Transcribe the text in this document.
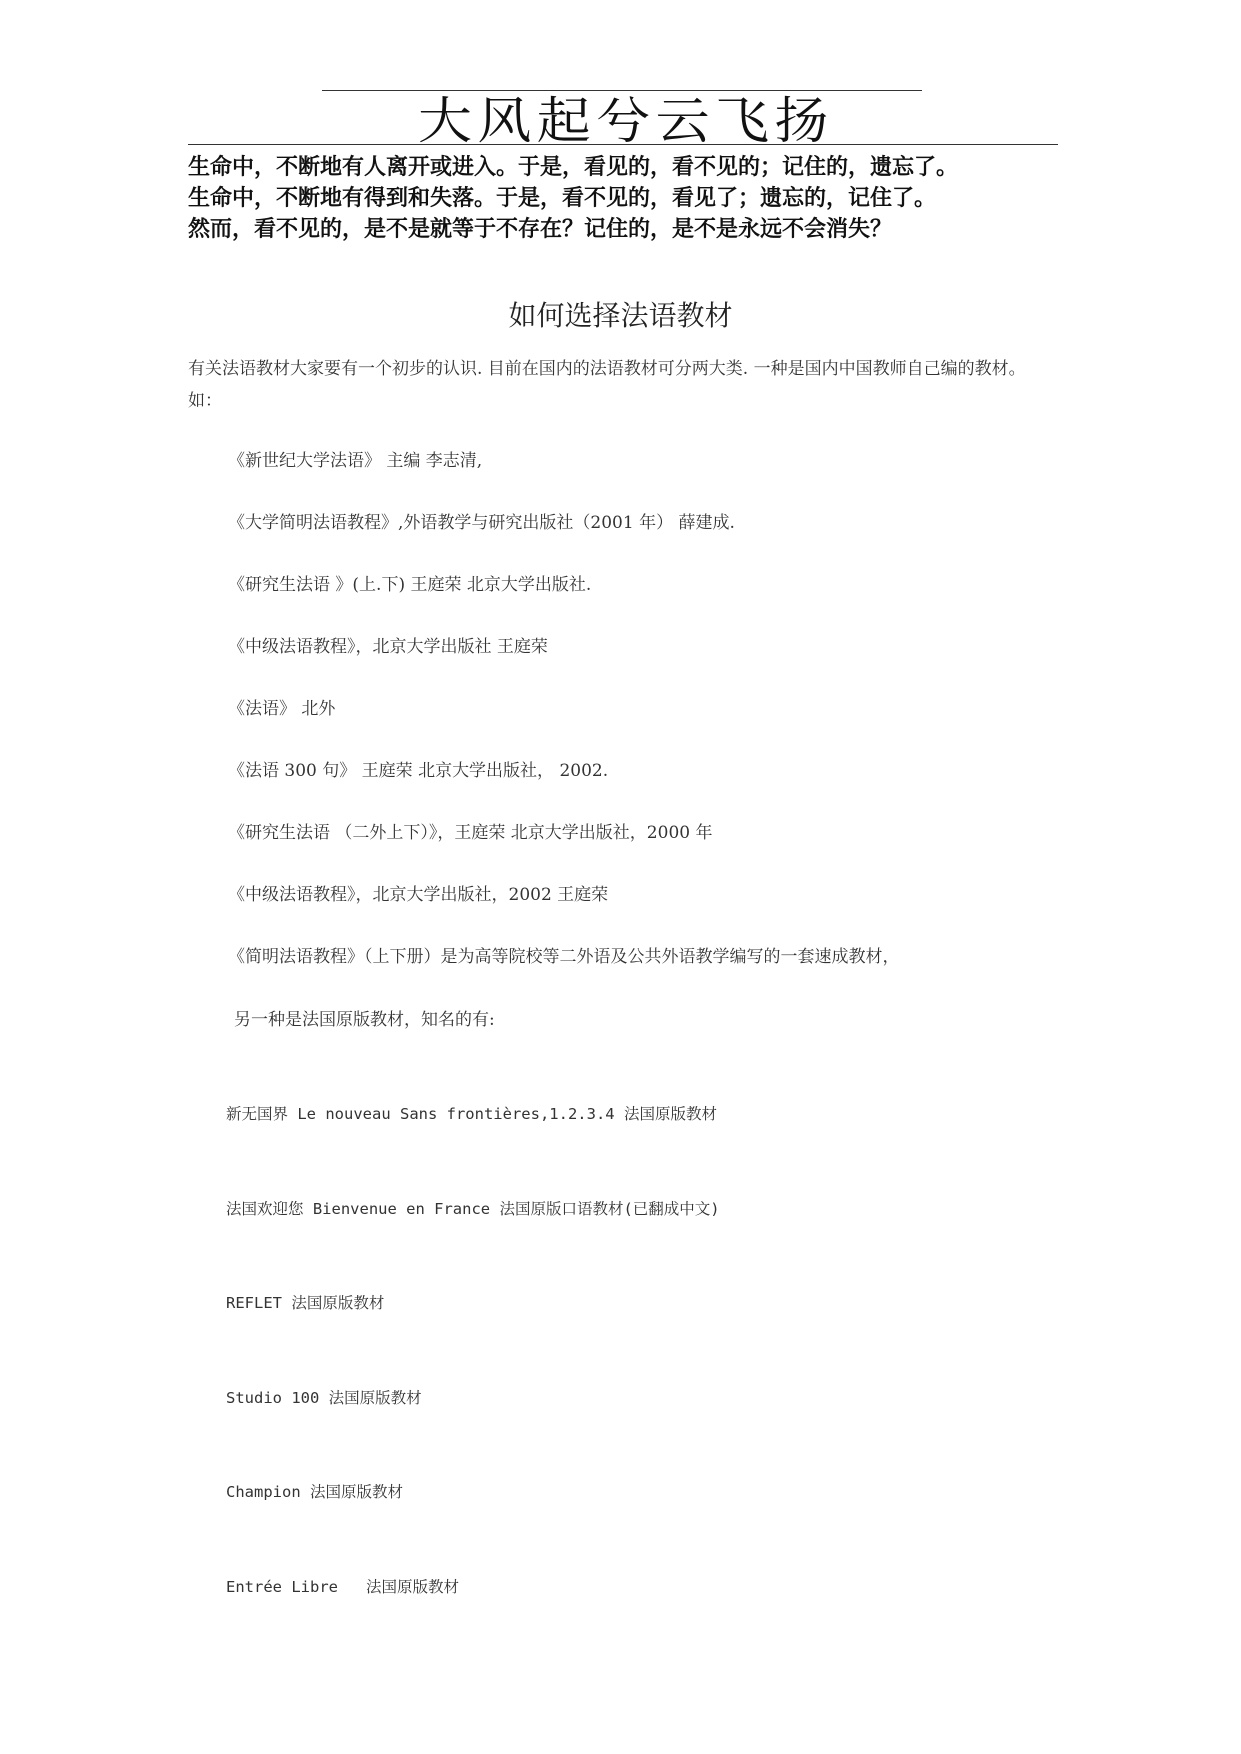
大风起兮云飞扬
生命中，不断地有人离开或进入。于是，看见的，看不见的；记住的，遗忘了。
生命中，不断地有得到和失落。于是，看不见的，看见了；遗忘的，记住了。
然而，看不见的，是不是就等于不存在？记住的，是不是永远不会消失？
如何选择法语教材
有关法语教材大家要有一个初步的认识. 目前在国内的法语教材可分两大类. 一种是国内中国教师自己编的教材。如：
《新世纪大学法语》 主编 李志清,
《大学简明法语教程》,外语教学与研究出版社（2001 年） 薛建成.
《研究生法语 》(上.下) 王庭荣 北京大学出版社.
《中级法语教程》，北京大学出版社 王庭荣
《法语》 北外
《法语 300 句》 王庭荣 北京大学出版社， 2002.
《研究生法语 （二外上下）》，王庭荣 北京大学出版社，2000 年
《中级法语教程》，北京大学出版社，2002 王庭荣
《简明法语教程》（上下册）是为高等院校等二外语及公共外语教学编写的一套速成教材，
另一种是法国原版教材，知名的有:
新无国界 Le nouveau Sans frontières,1.2.3.4 法国原版教材
法国欢迎您 Bienvenue en France 法国原版口语教材(已翻成中文)
REFLET 法国原版教材
Studio 100 法国原版教材
Champion 法国原版教材
Entrée Libre   法国原版教材
